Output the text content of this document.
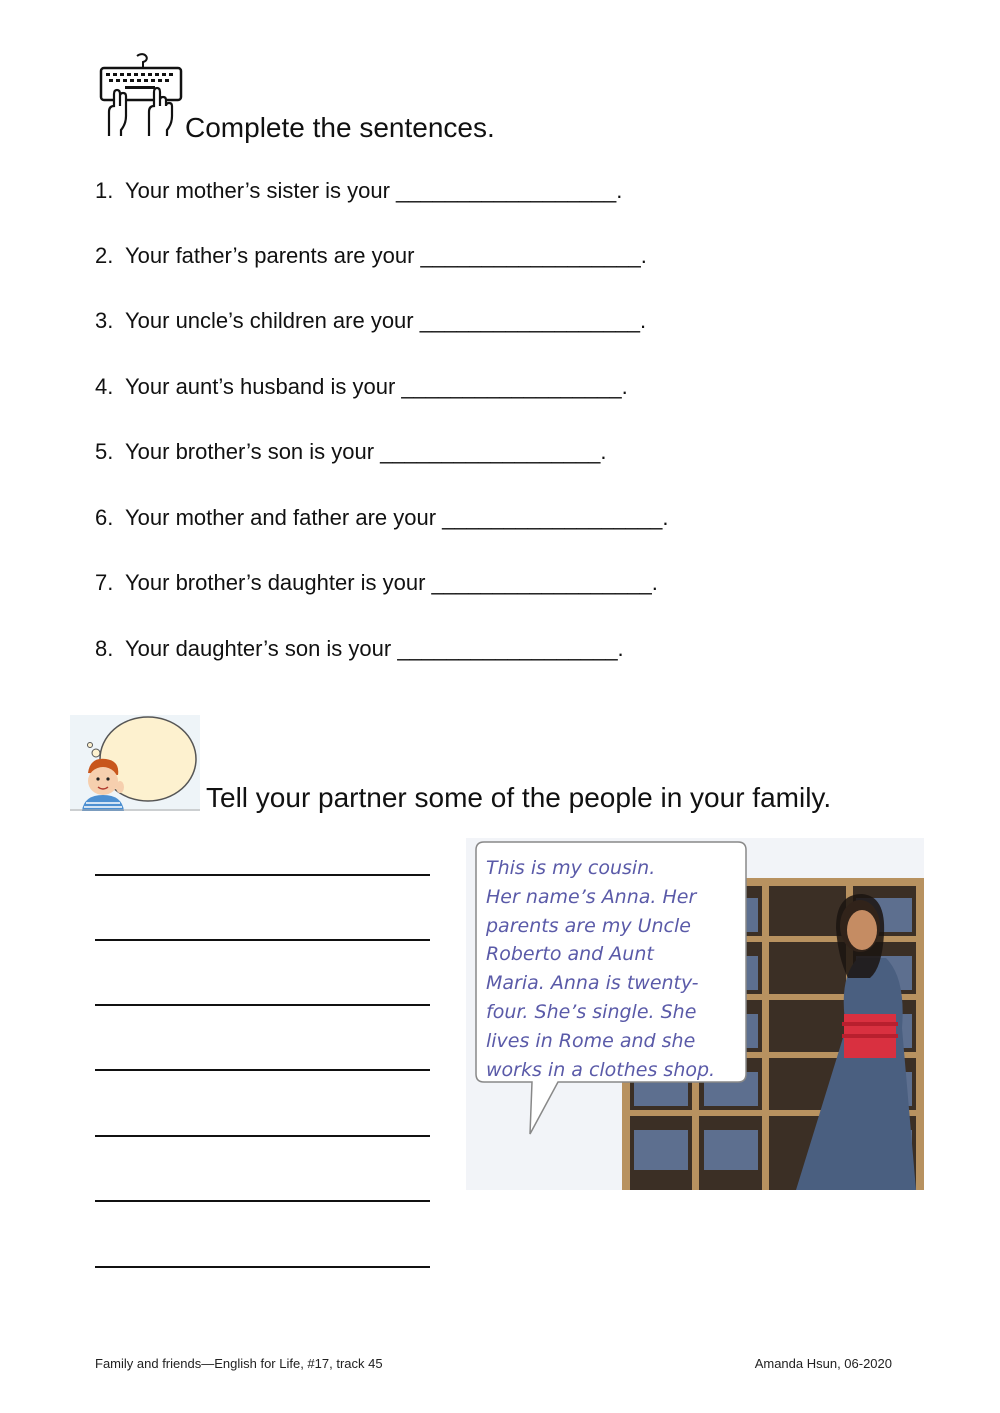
Complete the sentences.
1. Your mother’s sister is your __________________.
2. Your father’s parents are your __________________.
3. Your uncle’s children are your __________________.
4. Your aunt’s husband is your __________________.
5. Your brother’s son is your __________________.
6. Your mother and father are your __________________.
7. Your brother’s daughter is your __________________.
8. Your daughter’s son is your __________________.
Tell your partner some of the people in your family.
This is my cousin.
Her name’s Anna. Her
parents are my Uncle
Roberto and Aunt
Maria. Anna is twenty-
four. She’s single. She
lives in Rome and she
works in a clothes shop.
Family and friends—English for Life, #17, track 45	Amanda Hsun, 06-2020
